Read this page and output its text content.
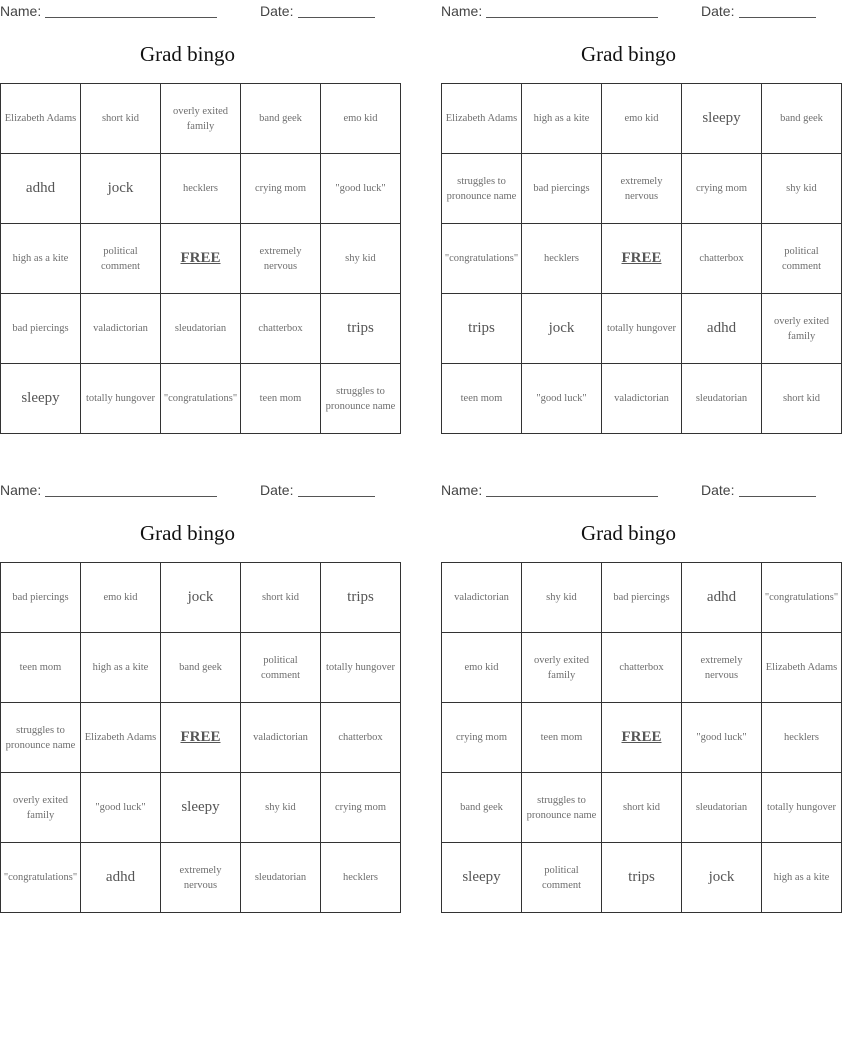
Name:	Date:
Grad bingo
Elizabeth Adams	short kid	overly exited family	band geek	emo kid
adhd	jock	hecklers	crying mom	"good luck"
high as a kite	political comment	FREE	extremely nervous	shy kid
bad piercings	valadictorian	sleudatorian	chatterbox	trips
sleepy	totally hungover	"congratulations"	teen mom	struggles to pronounce name
Name:	Date:
Grad bingo
Elizabeth Adams	high as a kite	emo kid	sleepy	band geek
struggles to pronounce name	bad piercings	extremely nervous	crying mom	shy kid
"congratulations"	hecklers	FREE	chatterbox	political comment
trips	jock	totally hungover	adhd	overly exited family
teen mom	"good luck"	valadictorian	sleudatorian	short kid
Name:	Date:
Grad bingo
bad piercings	emo kid	jock	short kid	trips
teen mom	high as a kite	band geek	political comment	totally hungover
struggles to pronounce name	Elizabeth Adams	FREE	valadictorian	chatterbox
overly exited family	"good luck"	sleepy	shy kid	crying mom
"congratulations"	adhd	extremely nervous	sleudatorian	hecklers
Name:	Date:
Grad bingo
valadictorian	shy kid	bad piercings	adhd	"congratulations"
emo kid	overly exited family	chatterbox	extremely nervous	Elizabeth Adams
crying mom	teen mom	FREE	"good luck"	hecklers
band geek	struggles to pronounce name	short kid	sleudatorian	totally hungover
sleepy	political comment	trips	jock	high as a kite
